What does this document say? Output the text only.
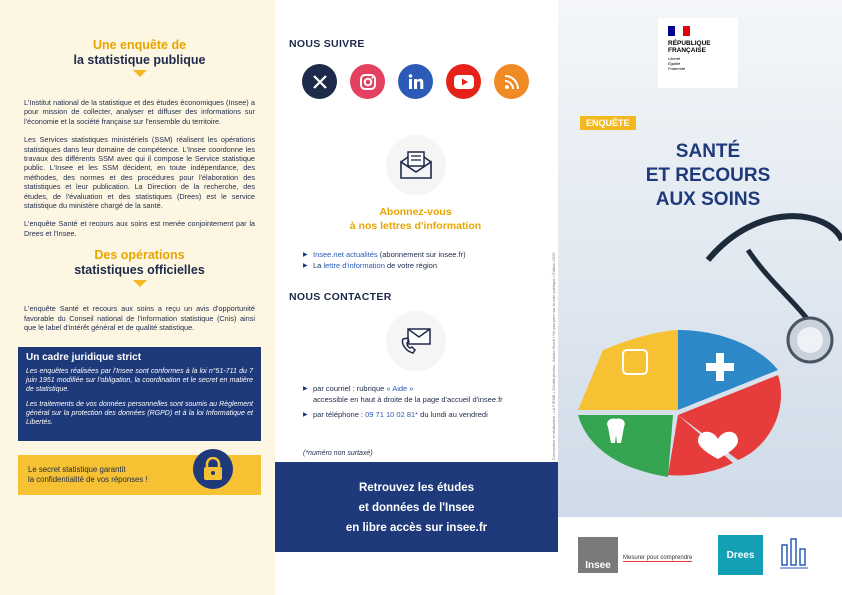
Une enquête de
la statistique publique

L'Institut national de la statistique et des études économiques (Insee) a pour mission de collecter, analyser et diffuser des informations sur l'économie et la société française sur l'ensemble du territoire.

Les Services statistiques ministériels (SSM) réalisent les opérations statistiques dans leur domaine de compétence. L'Insee coordonne les travaux des différents SSM avec qui il compose le Service statistique public. L'Insee et les SSM décident, en toute indépendance, des méthodes, des normes et des procédures pour l'élaboration des statistiques et leur publication. La Direction de la recherche, des études, de l'évaluation et des statistiques (Drees) est le service statistique du ministère chargé de la santé.

L'enquête Santé et recours aux soins est menée conjointement par la Drees et l'Insee.

Des opérations
statistiques officielles

L'enquête Santé et recours aux soins a reçu un avis d'opportunité favorable du Conseil national de l'information statistique (Cnis) ainsi que le label d'intérêt général et de qualité statistique.

Un cadre juridique strict

Les enquêtes réalisées par l'Insee sont conformes à la loi n°51-711 du 7 juin 1951 modifiée sur l'obligation, la coordination et le secret en matière de statistique.

Les traitements de vos données personnelles sont soumis au Règlement général sur la protection des données (RGPD) et à la loi Informatique et Libertés.

Le secret statistique garantit
la confidentialité de vos réponses !
NOUS SUIVRE
Abonnez-vous
à nos lettres d'information
▶ Insee.net actualités (abonnement sur insee.fr)
▶ La lettre d'information de votre région
NOUS CONTACTER
▶ par courriel : rubrique « Aide »
accessible en haut à droite de la page d'accueil d'insee.fr
▶ par téléphone : 09 71 10 02 81* du lundi au vendredi
(*numéro non surtaxé)	Conception et réalisation : LA FIRME • Crédits photos : Adobe Stock • Ne pas jeter sur la voie publique • Édition 2025
Retrouvez les études
et données de l'Insee
en libre accès sur insee.fr
RÉPUBLIQUE
FRANÇAISE
Liberté
Égalité
Fraternité
ENQUÊTE
SANTÉ
ET RECOURS
AUX SOINS
Insee
Mesurer pour comprendre	Drees
